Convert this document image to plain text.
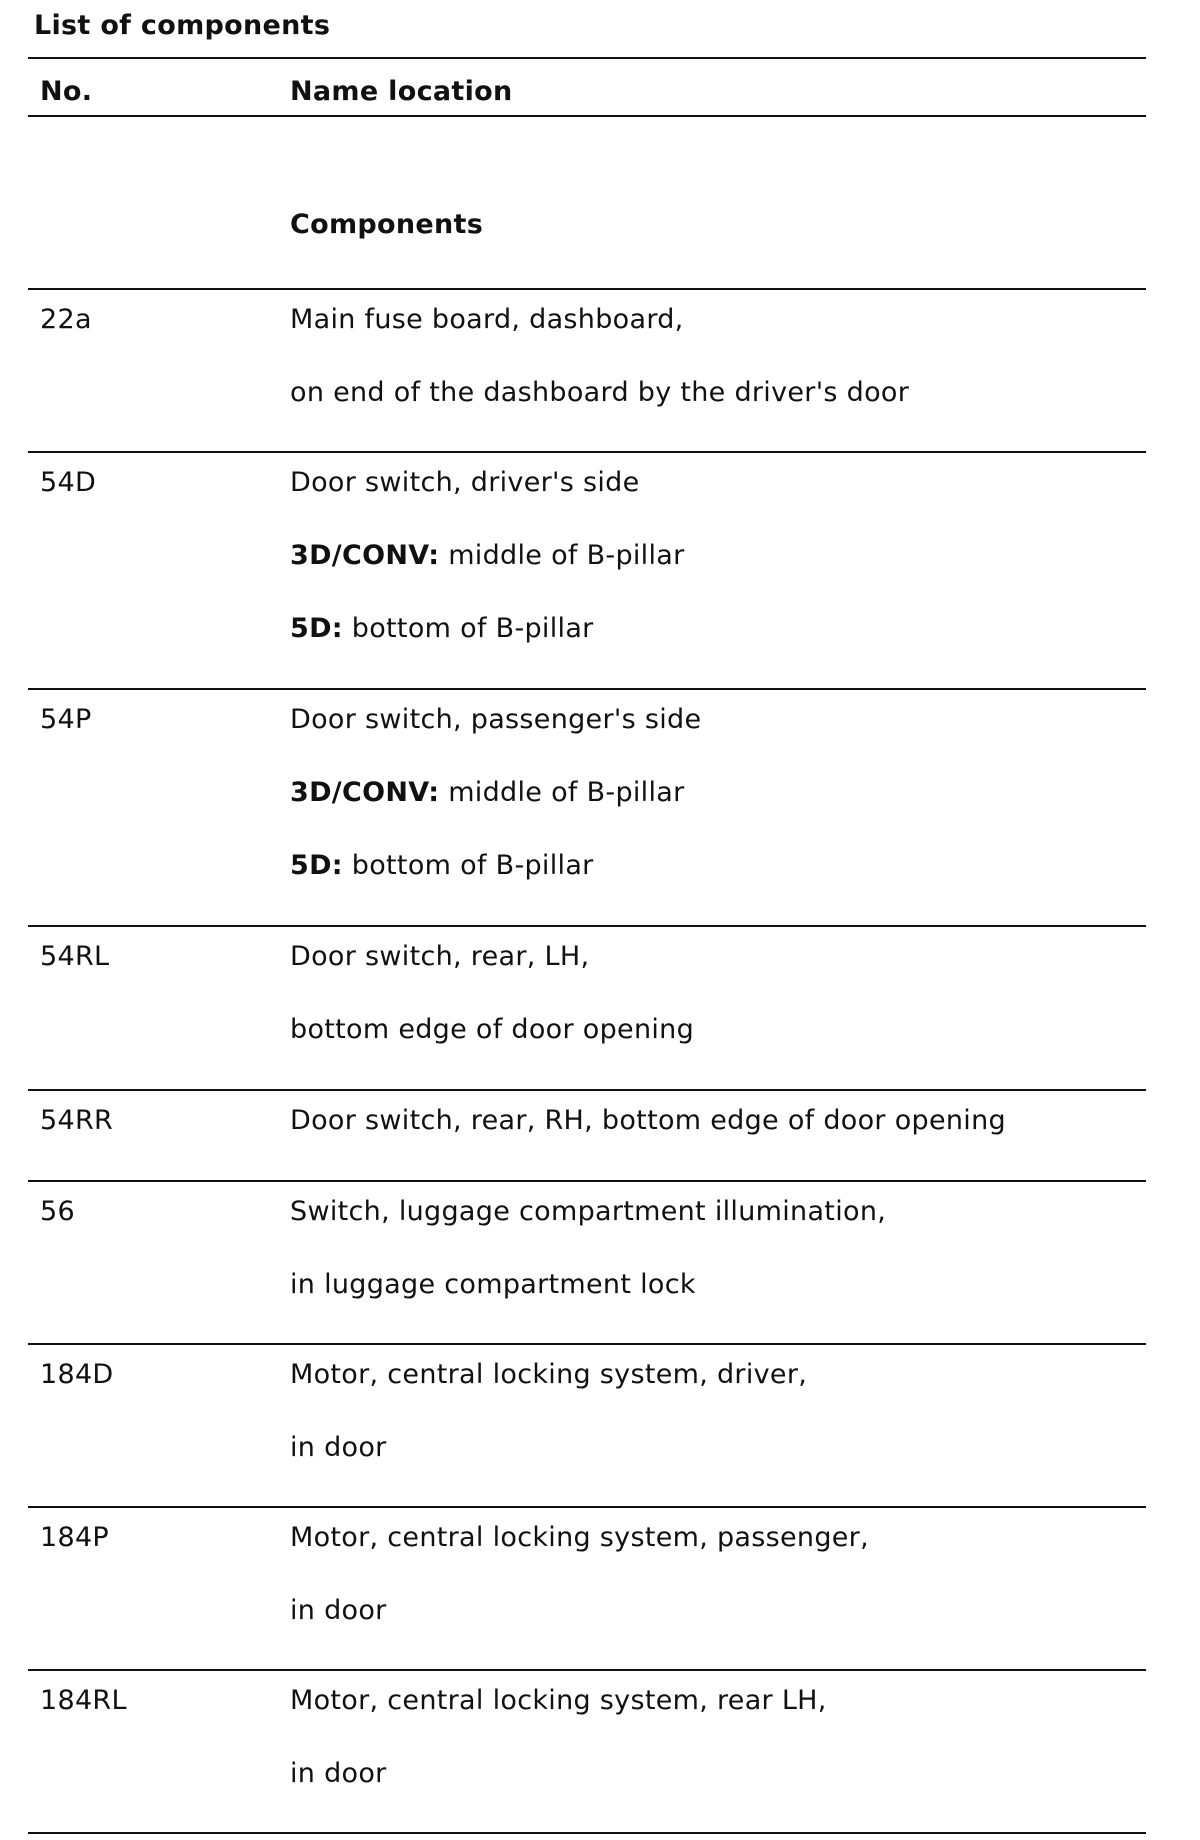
List of components
No.	Name location
Components
22a	Main fuse board, dashboard,
on end of the dashboard by the driver's door
54D	Door switch, driver's side
3D/CONV: middle of B-pillar
5D: bottom of B-pillar
54P	Door switch, passenger's side
3D/CONV: middle of B-pillar
5D: bottom of B-pillar
54RL	Door switch, rear, LH,
bottom edge of door opening
54RR	Door switch, rear, RH, bottom edge of door opening
56	Switch, luggage compartment illumination,
in luggage compartment lock
184D	Motor, central locking system, driver,
in door
184P	Motor, central locking system, passenger,
in door
184RL	Motor, central locking system, rear LH,
in door
